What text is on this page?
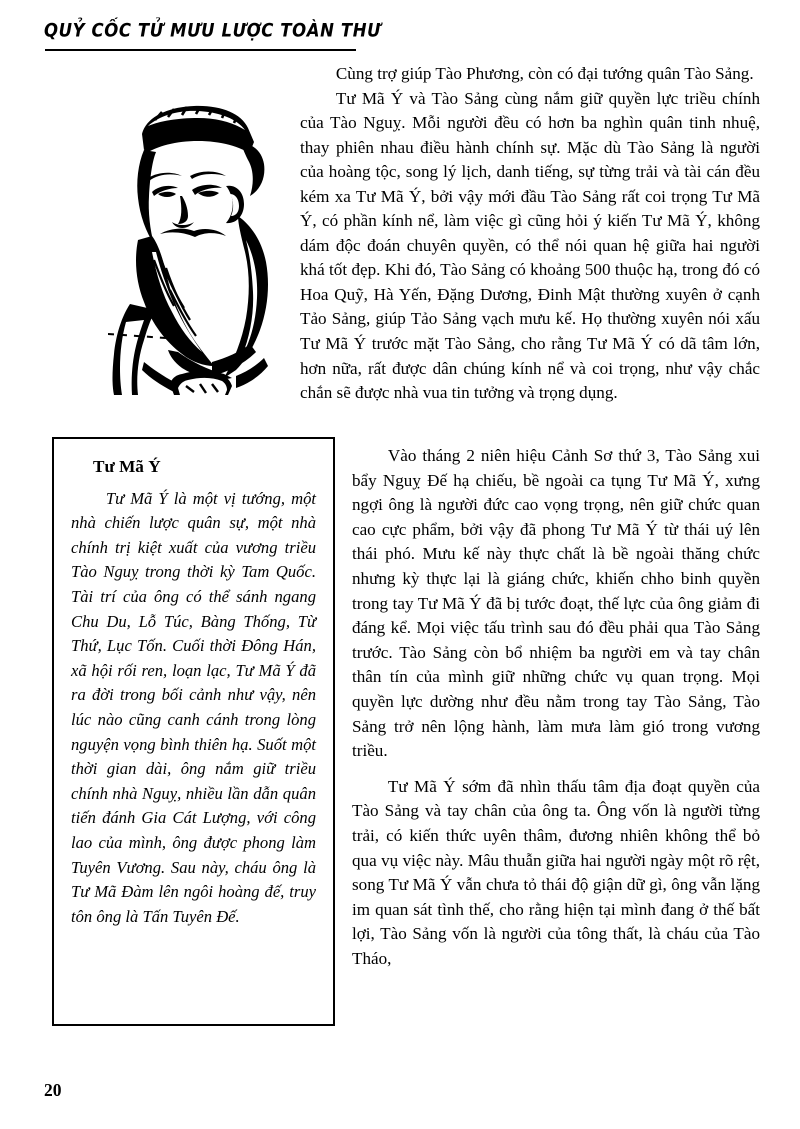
QUỶ CỐC TỬ MƯU LƯỢC TOÀN THƯ

Cùng trợ giúp Tào Phương, còn có đại tướng quân Tào Sảng.

Tư Mã Ý và Tào Sảng cùng nắm giữ quyền lực triều chính của Tào Nguỵ. Mỗi người đều có hơn ba nghìn quân tinh nhuệ, thay phiên nhau điều hành chính sự. Mặc dù Tào Sảng là người của hoàng tộc, song lý lịch, danh tiếng, sự từng trải và tài cán đều kém xa Tư Mã Ý, bởi vậy mới đầu Tào Sảng rất coi trọng Tư Mã Ý, có phần kính nể, làm việc gì cũng hỏi ý kiến Tư Mã Ý, không dám độc đoán chuyên quyền, có thể nói quan hệ giữa hai người khá tốt đẹp. Khi đó, Tào Sảng có khoảng 500 thuộc hạ, trong đó có Hoa Quỹ, Hà Yến, Đặng Dương, Đinh Mật thường xuyên ở cạnh Tảo Sảng, giúp Tảo Sảng vạch mưu kế. Họ thường xuyên nói xấu Tư Mã Ý trước mặt Tào Sảng, cho rằng Tư Mã Ý có dã tâm lớn, hơn nữa, rất được dân chúng kính nể và coi trọng, như vậy chắc chắn sẽ được nhà vua tin tưởng và trọng dụng.

Tư Mã Ý

Tư Mã Ý là một vị tướng, một nhà chiến lược quân sự, một nhà chính trị kiệt xuất của vương triều Tào Nguỵ trong thời kỳ Tam Quốc. Tài trí của ông có thể sánh ngang Chu Du, Lỗ Túc, Bàng Thống, Từ Thứ, Lục Tốn. Cuối thời Đông Hán, xã hội rối ren, loạn lạc, Tư Mã Ý đã ra đời trong bối cảnh như vậy, nên lúc nào cũng canh cánh trong lòng nguyện vọng bình thiên hạ. Suốt một thời gian dài, ông nắm giữ triều chính nhà Nguỵ, nhiều lần dẫn quân tiến đánh Gia Cát Lượng, với công lao của mình, ông được phong làm Tuyên Vương. Sau này, cháu ông là Tư Mã Đàm lên ngôi hoàng đế, truy tôn ông là Tấn Tuyên Đế.

Vào tháng 2 niên hiệu Cảnh Sơ thứ 3, Tào Sảng xui bẩy Nguỵ Đế hạ chiếu, bề ngoài ca tụng Tư Mã Ý, xưng ngợi ông là người đức cao vọng trọng, nên giữ chức quan cao cực phẩm, bởi vậy đã phong Tư Mã Ý từ thái uý lên thái phó. Mưu kế này thực chất là bề ngoài thăng chức nhưng kỳ thực lại là giáng chức, khiến chho binh quyền trong tay Tư Mã Ý đã bị tước đoạt, thế lực của ông giảm đi đáng kể. Mọi việc tấu trình sau đó đều phải qua Tào Sảng trước. Tào Sảng còn bổ nhiệm ba người em và tay chân thân tín của mình giữ những chức vụ quan trọng. Mọi quyền lực dường như đều nằm trong tay Tào Sảng, Tào Sảng trở nên lộng hành, làm mưa làm gió trong vương triều.

Tư Mã Ý sớm đã nhìn thấu tâm địa đoạt quyền của Tào Sảng và tay chân của ông ta. Ông vốn là người từng trải, có kiến thức uyên thâm, đương nhiên không thể bỏ qua vụ việc này. Mâu thuẫn giữa hai người ngày một rõ rệt, song Tư Mã Ý vẫn chưa tỏ thái độ giận dữ gì, ông vẫn lặng im quan sát tình thế, cho rằng hiện tại mình đang ở thế bất lợi, Tào Sảng vốn là người của tông thất, là cháu của Tào Tháo,

20
